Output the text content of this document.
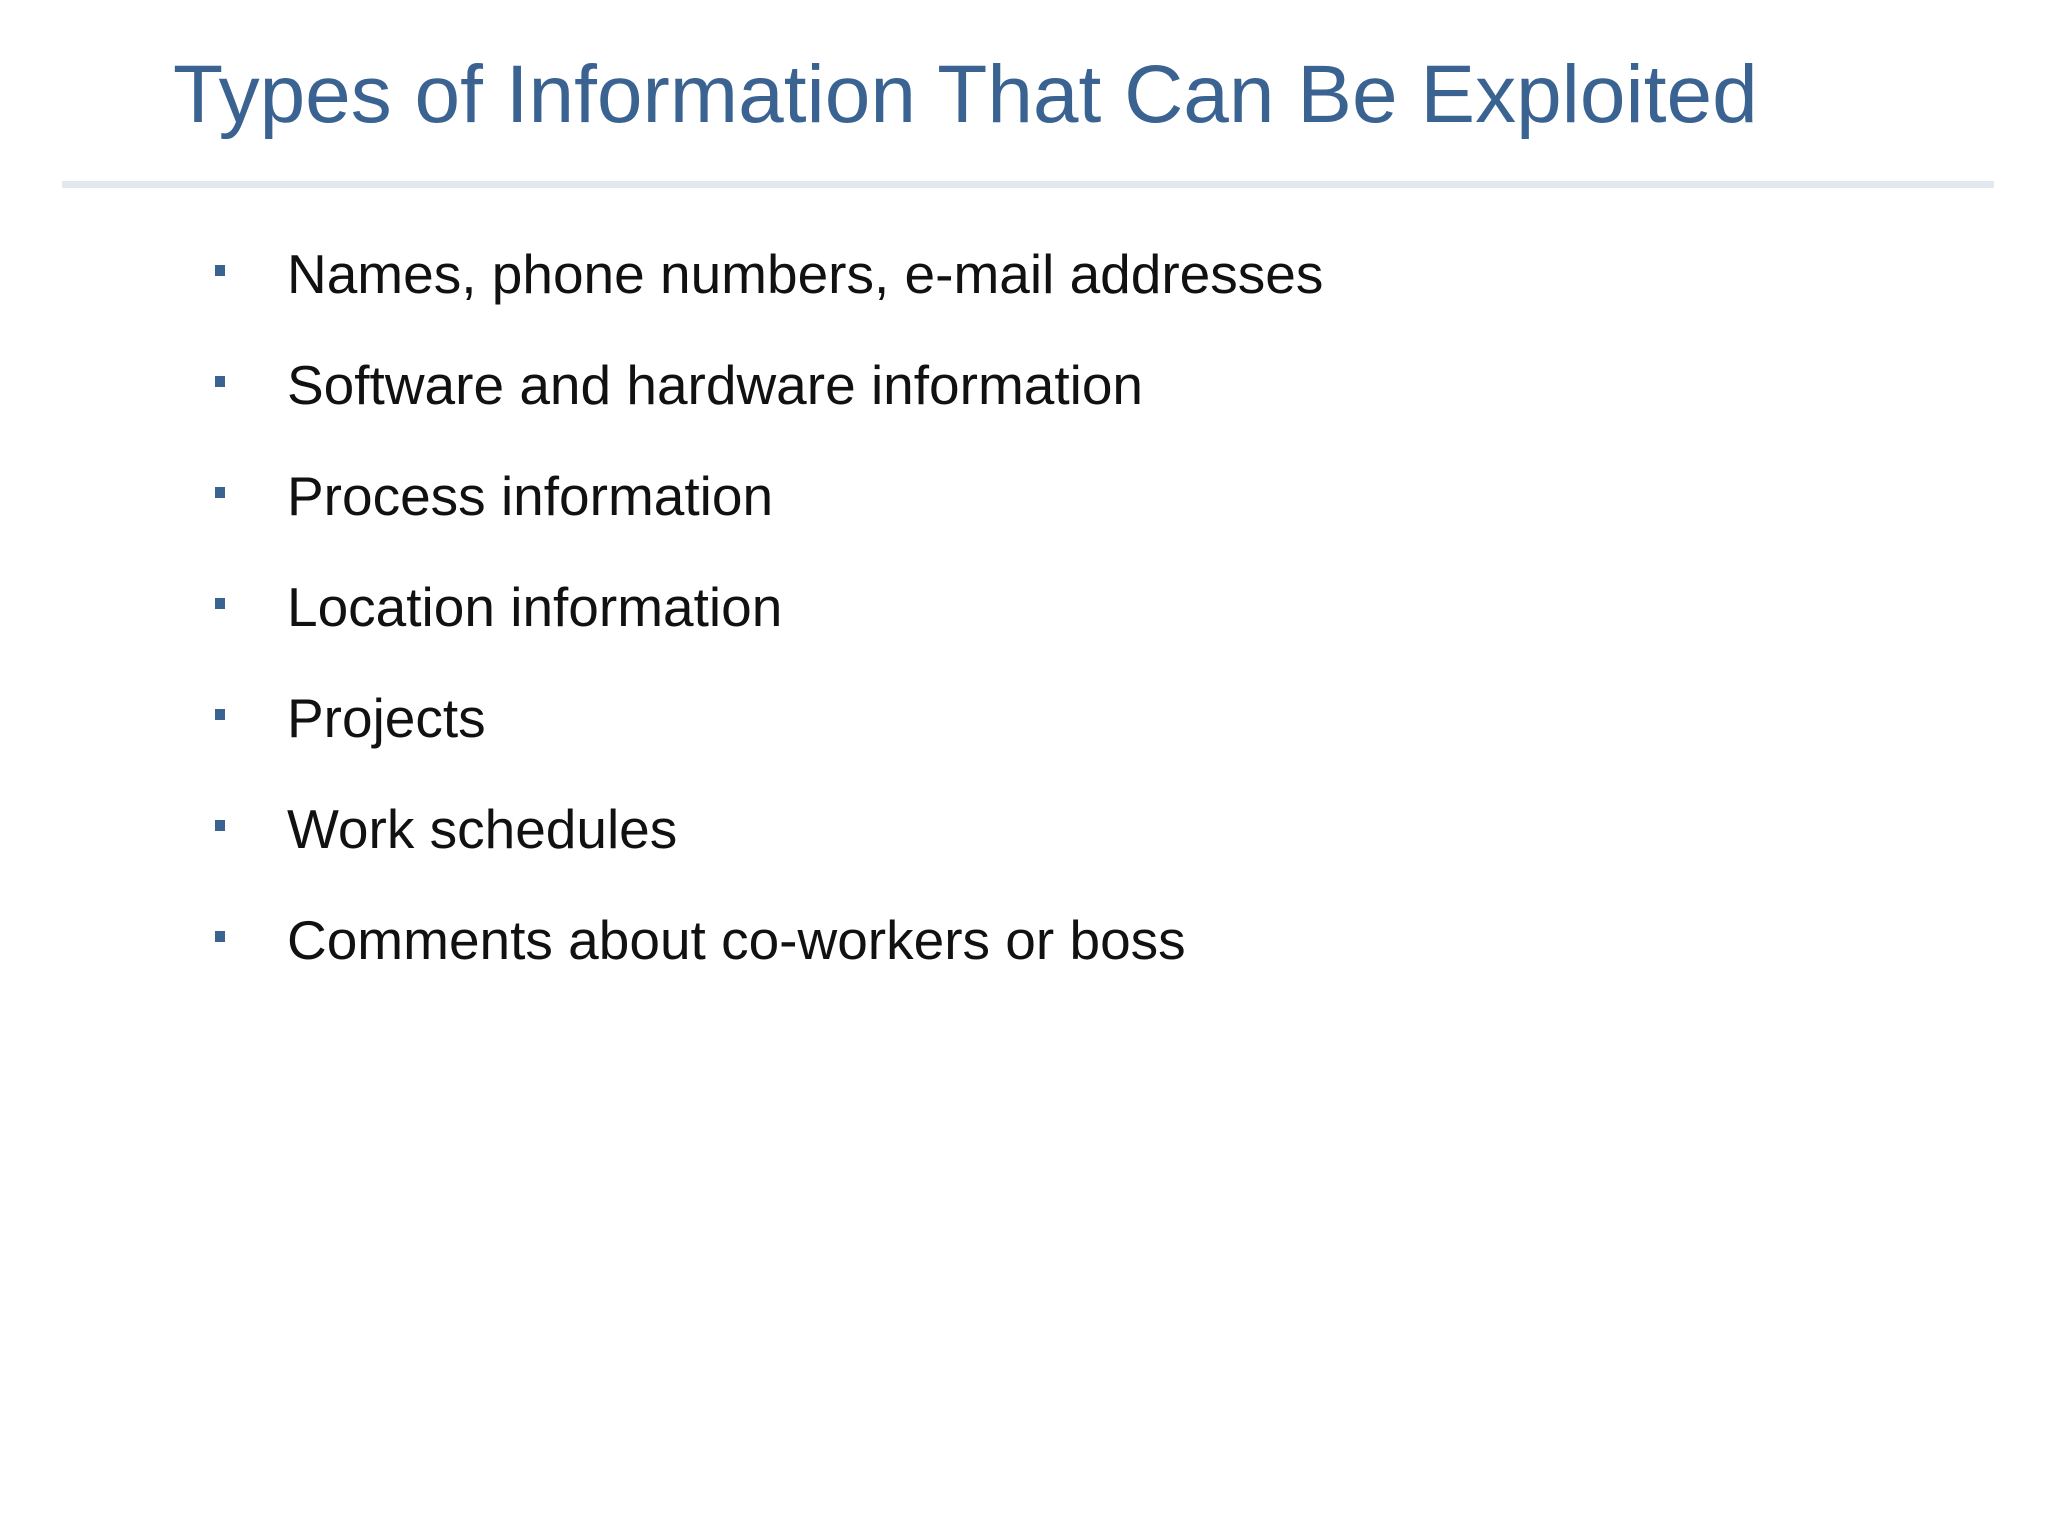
Types of Information That Can Be Exploited
Names, phone numbers, e-mail addresses
Software and hardware information
Process information
Location information
Projects
Work schedules
Comments about co-workers or boss
